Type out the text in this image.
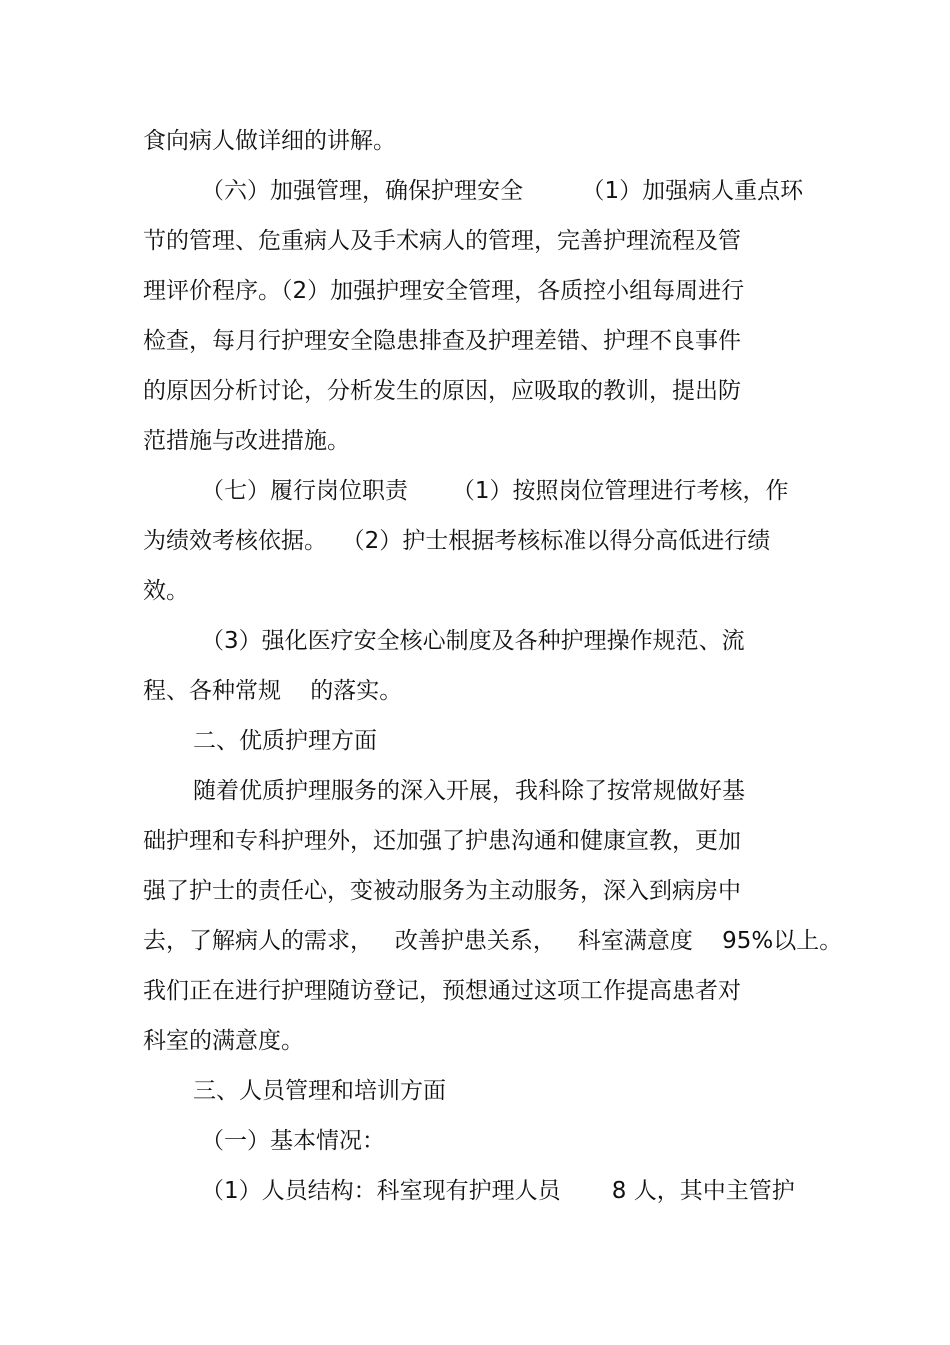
食向病人做详细的讲解。
（六）加强管理，确保护理安全        （1）加强病人重点环
节的管理、危重病人及手术病人的管理，完善护理流程及管
理评价程序。（2）加强护理安全管理，各质控小组每周进行
检查，每月行护理安全隐患排查及护理差错、护理不良事件
的原因分析讨论，分析发生的原因，应吸取的教训，提出防
范措施与改进措施。
（七）履行岗位职责      （1）按照岗位管理进行考核，作
为绩效考核依据。  （2）护士根据考核标准以得分高低进行绩
效。
（3）强化医疗安全核心制度及各种护理操作规范、流
程、各种常规    的落实。
二、优质护理方面
随着优质护理服务的深入开展，我科除了按常规做好基
础护理和专科护理外，还加强了护患沟通和健康宣教，更加
强了护士的责任心，变被动服务为主动服务，深入到病房中
去，了解病人的需求，   改善护患关系，   科室满意度    95%以上。
我们正在进行护理随访登记，预想通过这项工作提高患者对
科室的满意度。
三、人员管理和培训方面
（一）基本情况：
（1）人员结构：科室现有护理人员       8 人，其中主管护
